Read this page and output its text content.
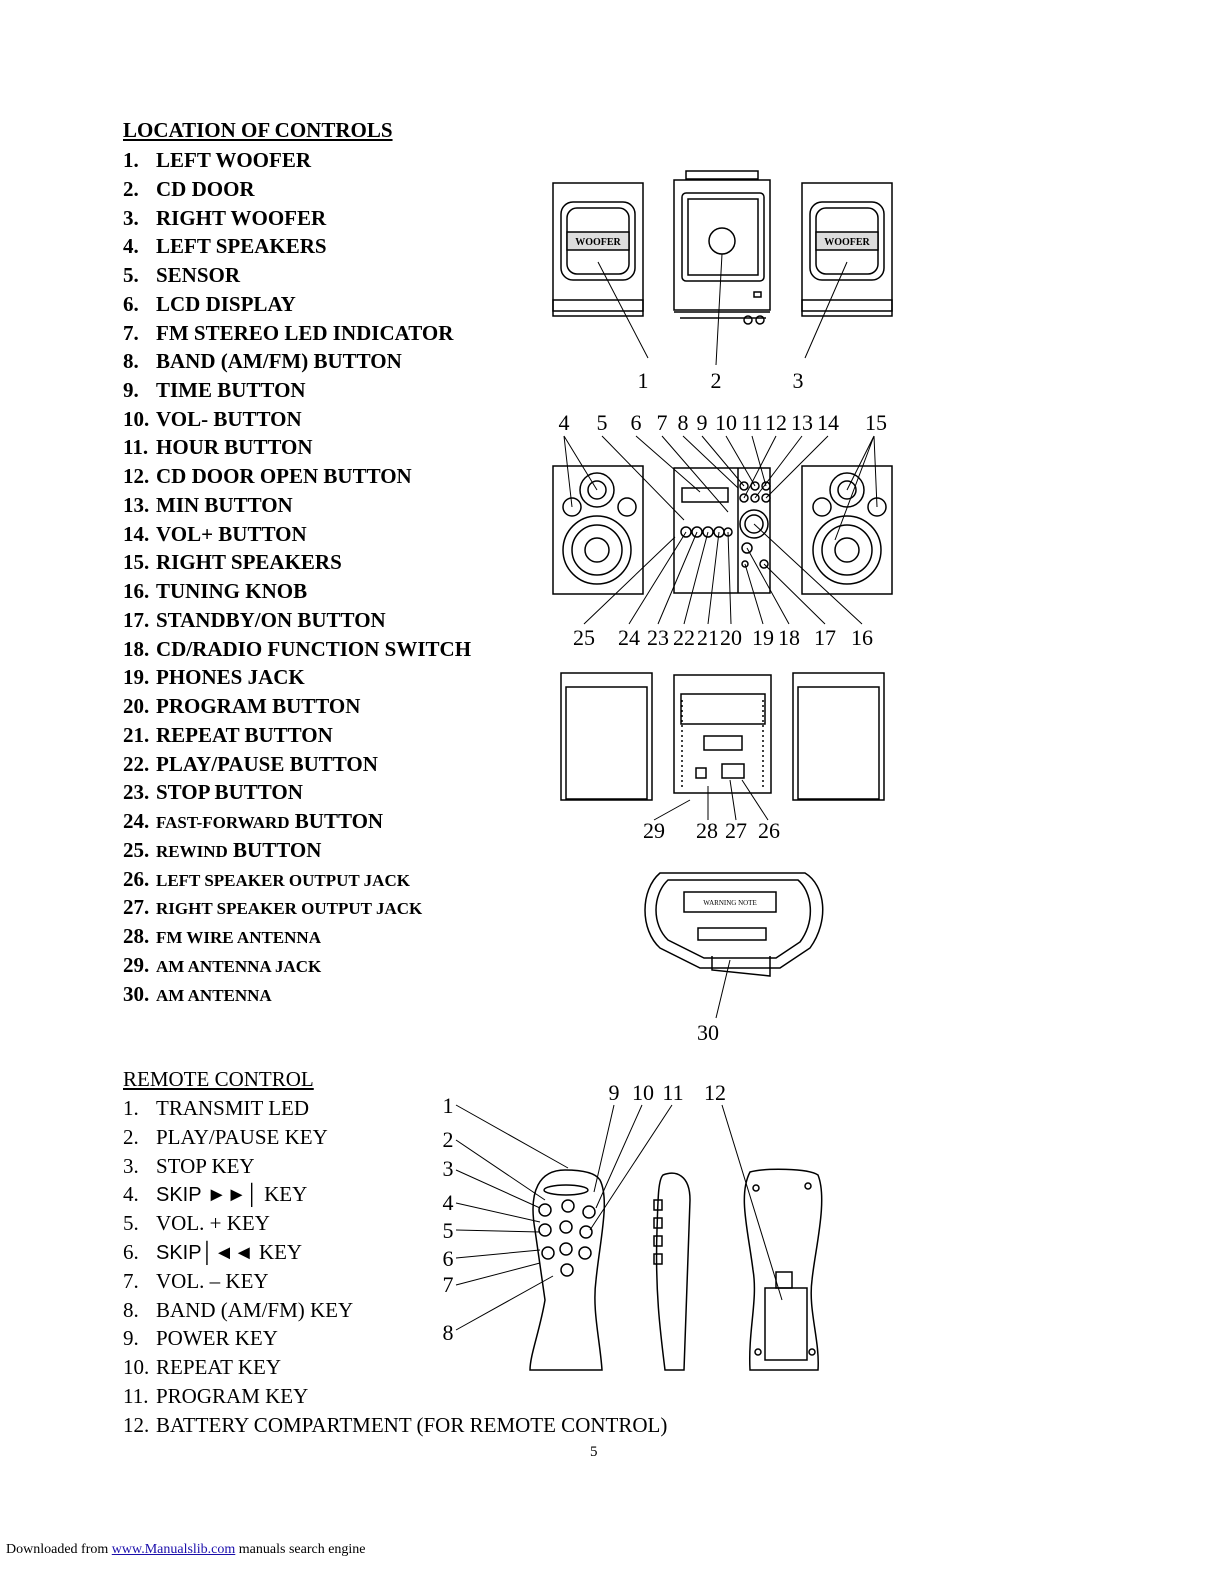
LOCATION OF CONTROLS
1. LEFT WOOFER
2. CD DOOR
3. RIGHT WOOFER
4. LEFT SPEAKERS
5. SENSOR
6. LCD DISPLAY
7. FM STEREO LED INDICATOR
8. BAND (AM/FM) BUTTON
9. TIME BUTTON
10. VOL- BUTTON
11. HOUR BUTTON
12. CD DOOR OPEN BUTTON
13. MIN BUTTON
14. VOL+ BUTTON
15. RIGHT SPEAKERS
16. TUNING KNOB
17. STANDBY/ON BUTTON
18. CD/RADIO FUNCTION SWITCH
19. PHONES JACK
20. PROGRAM BUTTON
21. REPEAT BUTTON
22. PLAY/PAUSE BUTTON
23. STOP BUTTON
24. FAST-FORWARD BUTTON
25. REWIND BUTTON
26. LEFT SPEAKER OUTPUT JACK
27. RIGHT SPEAKER OUTPUT JACK
28. FM WIRE ANTENNA
29. AM ANTENNA JACK
30. AM ANTENNA
REMOTE CONTROL
1. TRANSMIT LED
2. PLAY/PAUSE KEY
3. STOP KEY
4. SKIP ►►│ KEY
5. VOL. + KEY
6. SKIP│◄◄ KEY
7. VOL. – KEY
8. BAND (AM/FM) KEY
9. POWER KEY
10. REPEAT KEY
11. PROGRAM KEY
12. BATTERY COMPARTMENT (FOR REMOTE CONTROL)
WOOFER	WOOFER
1	2	3
4 5 6 7 8 9 10 11 12 13 14 15
25 24 23 22 21 20 19 18 17 16
29 28 27 26
WARNING NOTE
30
1
2
3
4
5
6
7
8
9 10 11 12
5
Downloaded from www.Manualslib.com manuals search engine
